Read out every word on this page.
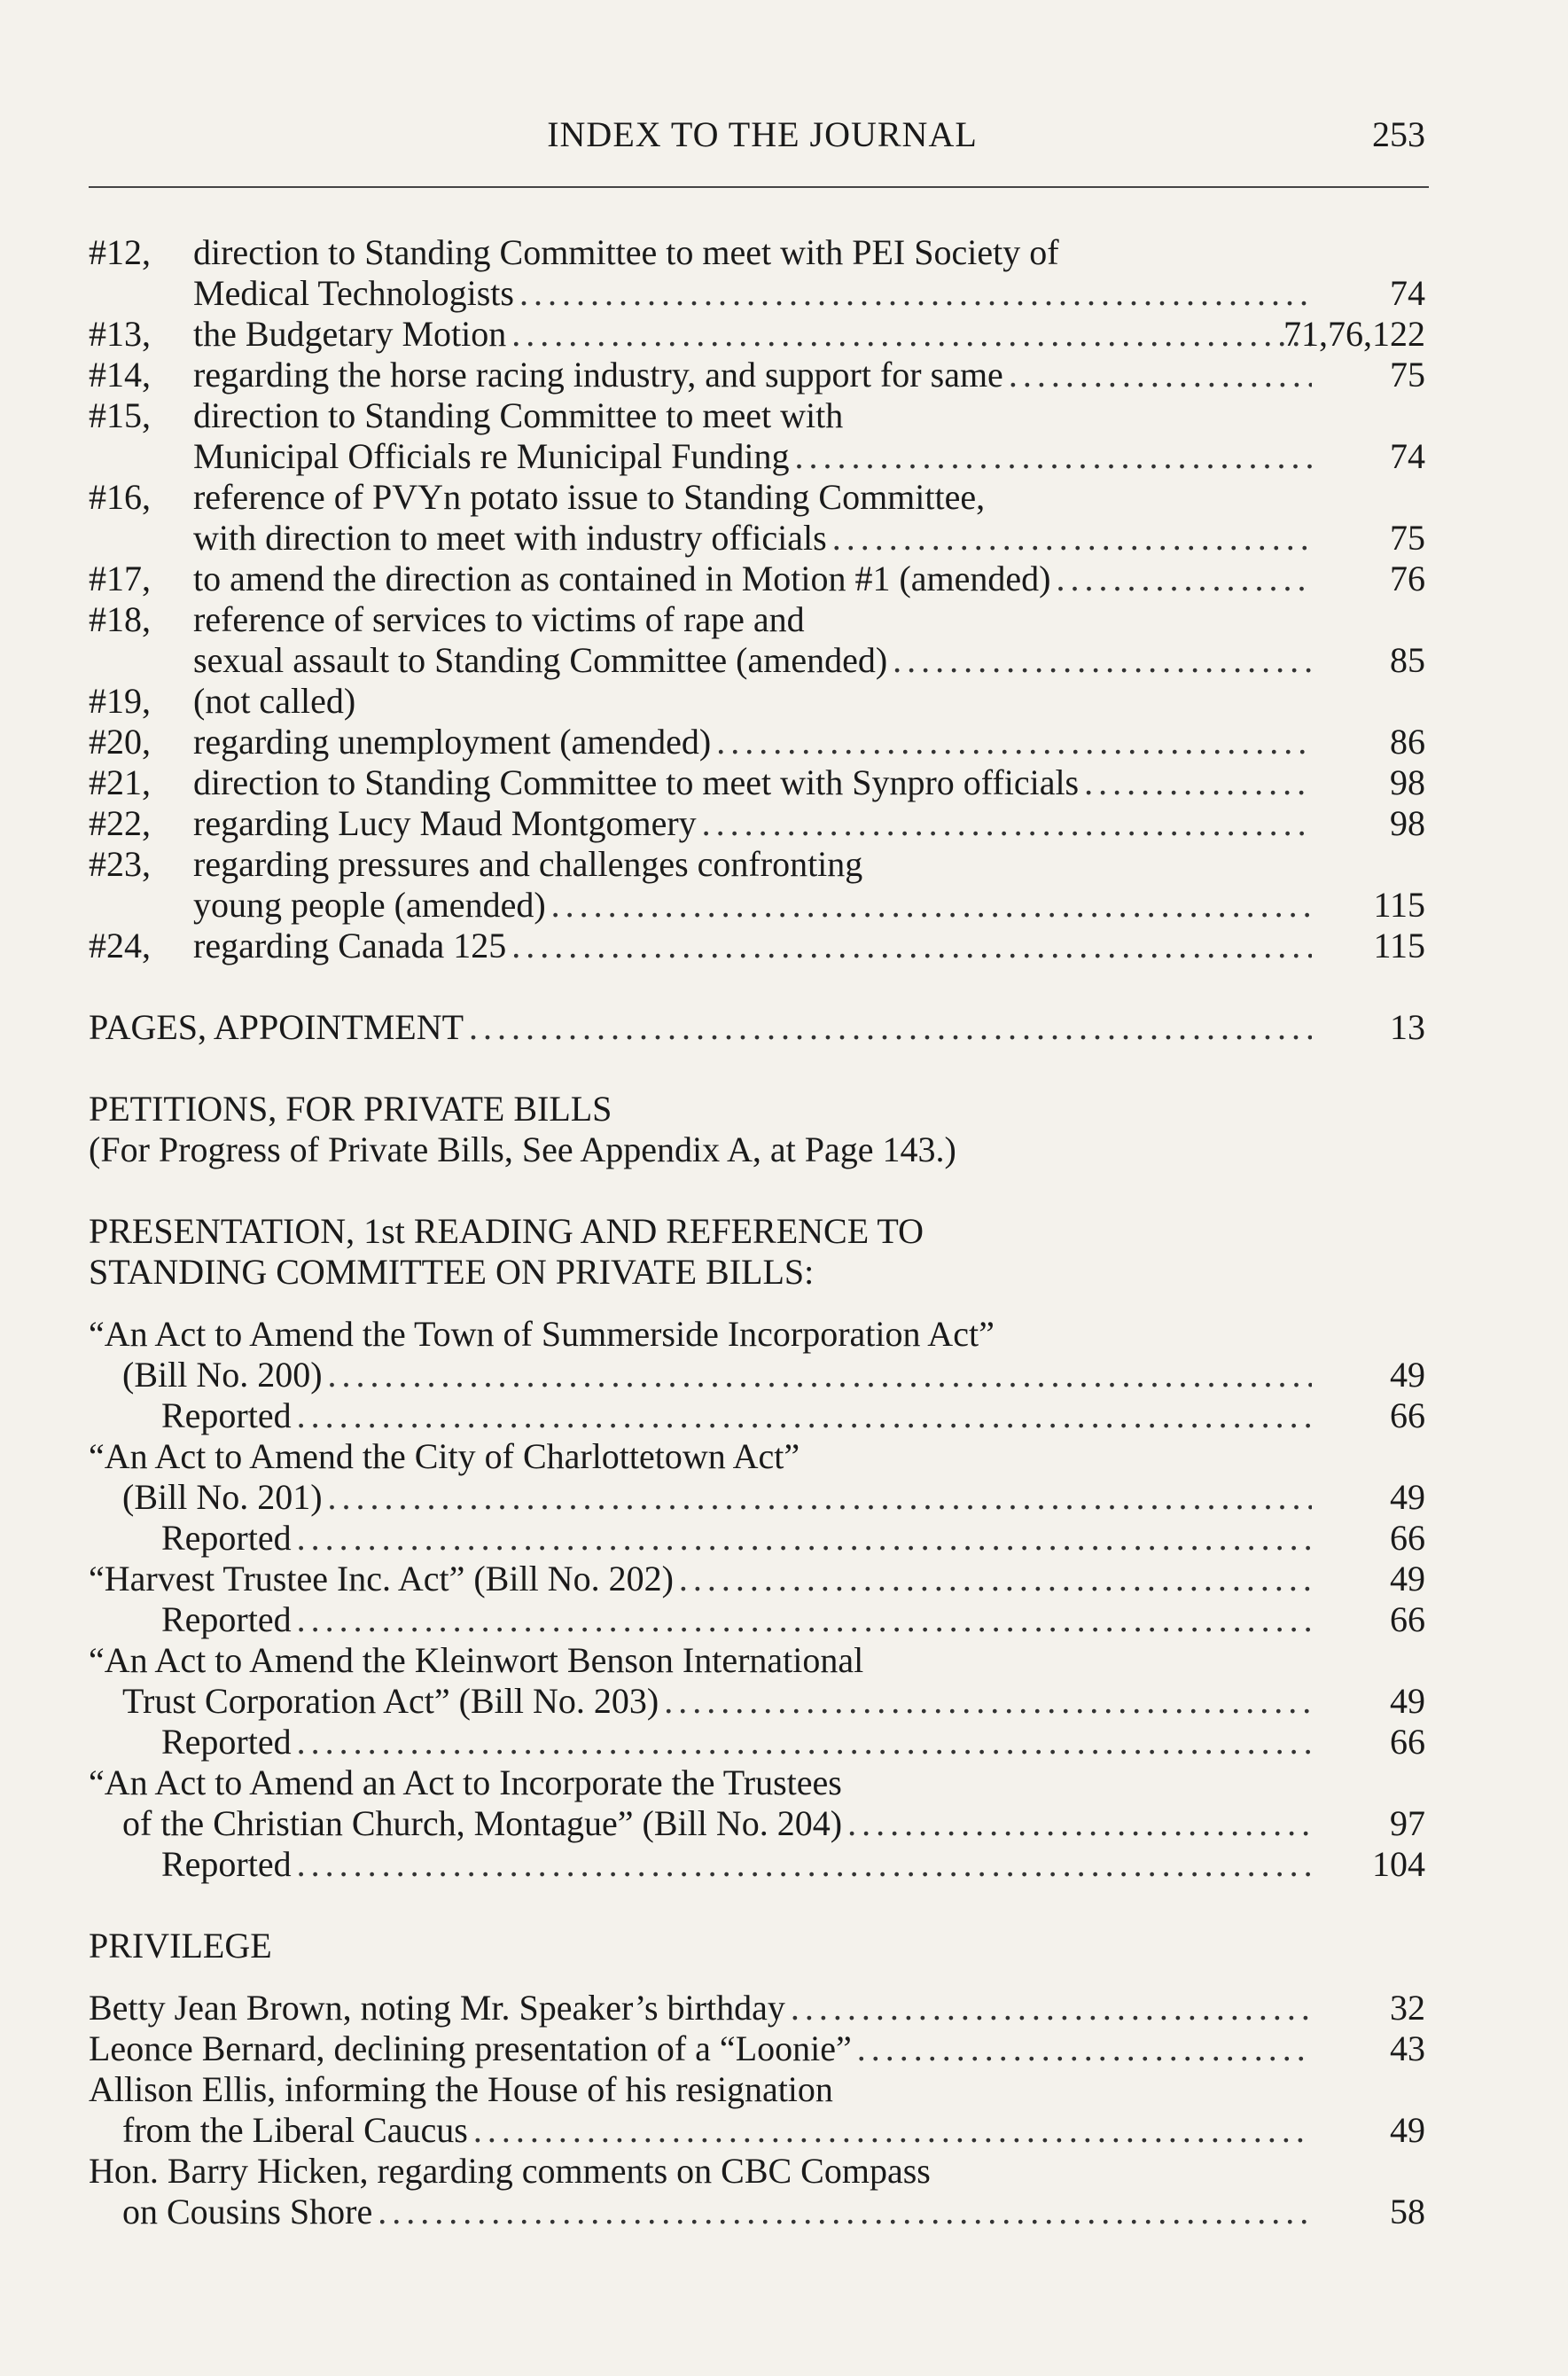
INDEX TO THE JOURNAL	253
#12, direction to Standing Committee to meet with PEI Society of
Medical Technologists .....	74
#13, the Budgetary Motion .....	71,76,122
#14, regarding the horse racing industry, and support for same .....	75
#15, direction to Standing Committee to meet with
Municipal Officials re Municipal Funding .....	74
#16, reference of PVYn potato issue to Standing Committee,
with direction to meet with industry officials .....	75
#17, to amend the direction as contained in Motion #1 (amended) .....	76
#18, reference of services to victims of rape and
sexual assault to Standing Committee (amended) .....	85
#19, (not called)
#20, regarding unemployment (amended) .....	86
#21, direction to Standing Committee to meet with Synpro officials .....	98
#22, regarding Lucy Maud Montgomery .....	98
#23, regarding pressures and challenges confronting
young people (amended) .....	115
#24, regarding Canada 125 .....	115
PAGES, APPOINTMENT .....	13
PETITIONS, FOR PRIVATE BILLS
(For Progress of Private Bills, See Appendix A, at Page 143.)
PRESENTATION, 1st READING AND REFERENCE TO
STANDING COMMITTEE ON PRIVATE BILLS:
“An Act to Amend the Town of Summerside Incorporation Act”
(Bill No. 200) .....	49
Reported .....	66
“An Act to Amend the City of Charlottetown Act”
(Bill No. 201) .....	49
Reported .....	66
“Harvest Trustee Inc. Act” (Bill No. 202) .....	49
Reported .....	66
“An Act to Amend the Kleinwort Benson International
Trust Corporation Act” (Bill No. 203) .....	49
Reported .....	66
“An Act to Amend an Act to Incorporate the Trustees
of the Christian Church, Montague” (Bill No. 204) .....	97
Reported .....	104
PRIVILEGE
Betty Jean Brown, noting Mr. Speaker’s birthday .....	32
Leonce Bernard, declining presentation of a “Loonie” .....	43
Allison Ellis, informing the House of his resignation
from the Liberal Caucus .....	49
Hon. Barry Hicken, regarding comments on CBC Compass
on Cousins Shore .....	58
